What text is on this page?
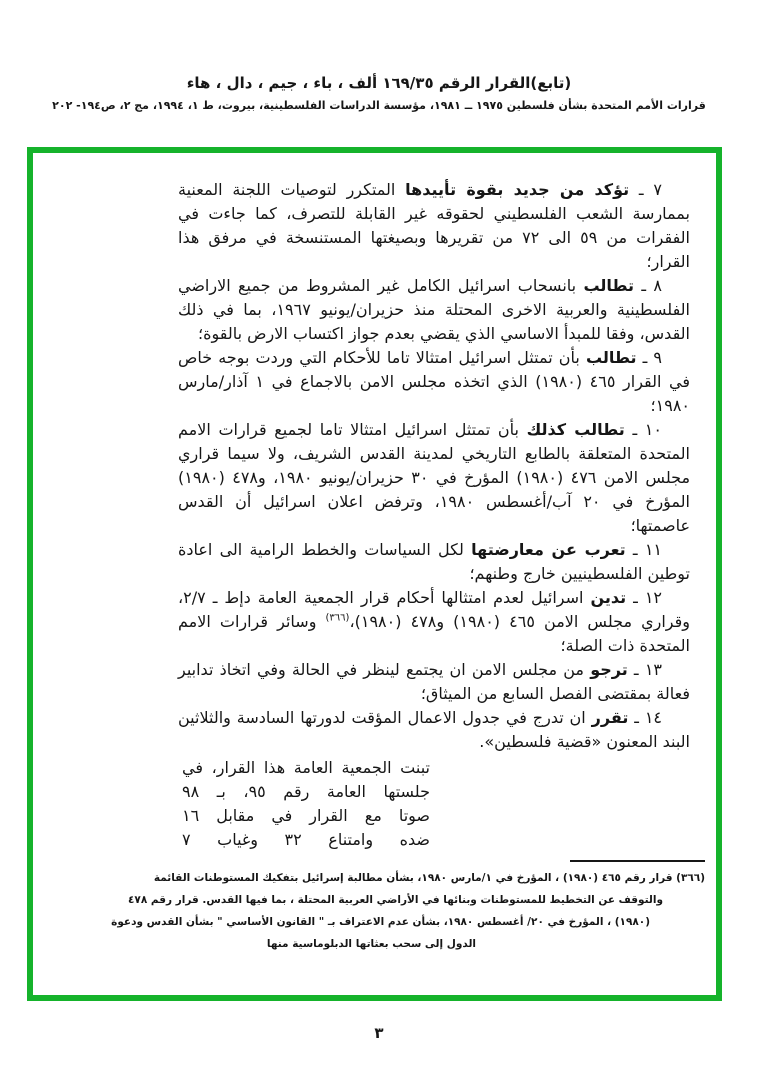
(تابع)القرار الرقم ١٦٩/٣٥ ألف ، باء ، جيم ، دال ، هاء
قرارات الأمم المتحدة بشأن فلسطين ١٩٧٥ ــ ١٩٨١، مؤسسة الدراسات الفلسطينية، بيروت، ط ١، ١٩٩٤، مج ٢، ص١٩٤- ٢٠٢

٧ ـ تؤكد من جديد بقوة تأييدها المتكرر لتوصيات اللجنة المعنية بممارسة الشعب الفلسطيني لحقوقه غير القابلة للتصرف، كما جاءت في الفقرات من ٥٩ الى ٧٢ من تقريرها وبصيغتها المستنسخة في مرفق هذا القرار؛

٨ ـ تطالب بانسحاب اسرائيل الكامل غير المشروط من جميع الاراضي الفلسطينية والعربية الاخرى المحتلة منذ حزيران/يونيو ١٩٦٧، بما في ذلك القدس، وفقا للمبدأ الاساسي الذي يقضي بعدم جواز اكتساب الارض بالقوة؛

٩ ـ تطالب بأن تمتثل اسرائيل امتثالا تاما للأحكام التي وردت بوجه خاص في القرار ٤٦٥ (١٩٨٠) الذي اتخذه مجلس الامن بالاجماع في ١ آذار/مارس ١٩٨٠؛

١٠ ـ تطالب كذلك بأن تمتثل اسرائيل امتثالا تاما لجميع قرارات الامم المتحدة المتعلقة بالطابع التاريخي لمدينة القدس الشريف، ولا سيما قراري مجلس الامن ٤٧٦ (١٩٨٠) المؤرخ في ٣٠ حزيران/يونيو ١٩٨٠، و٤٧٨ (١٩٨٠) المؤرخ في ٢٠ آب/أغسطس ١٩٨٠، وترفض اعلان اسرائيل أن القدس عاصمتها؛

١١ ـ تعرب عن معارضتها لكل السياسات والخطط الرامية الى اعادة توطين الفلسطينيين خارج وطنهم؛

١٢ ـ تدين اسرائيل لعدم امتثالها أحكام قرار الجمعية العامة دإط ـ ٢/٧، وقراري مجلس الامن ٤٦٥ (١٩٨٠) و٤٧٨ (١٩٨٠)،$^{(٣٦٦)}$ وسائر قرارات الامم المتحدة ذات الصلة؛

١٣ ـ ترجو من مجلس الامن ان يجتمع لينظر في الحالة وفي اتخاذ تدابير فعالة بمقتضى الفصل السابع من الميثاق؛

١٤ ـ تقرر ان تدرج في جدول الاعمال المؤقت لدورتها السادسة والثلاثين البند المعنون «قضية فلسطين».

تبنت الجمعية العامة هذا القرار، في
جلستها العامة رقم ٩٥، بـ ٩٨
صوتا مع القرار في مقابل ١٦
ضده وامتناع ٣٢ وغياب ٧
(٣٦٦) قرار رقم ٤٦٥ (١٩٨٠) ، المؤرخ في ١/مارس ١٩٨٠، بشأن مطالبة إسرائيل بتفكيك المستوطنات القائمة
والتوقف عن التخطيط للمستوطنات وبنائها في الأراضي العربية المحتلة ، بما فيها القدس. قرار رقم ٤٧٨
(١٩٨٠) ، المؤرخ في ٢٠/ أغسطس ١٩٨٠، بشأن عدم الاعتراف بـ " القانون الأساسي " بشأن القدس ودعوة
الدول إلى سحب بعثاتها الدبلوماسية منها
٣
